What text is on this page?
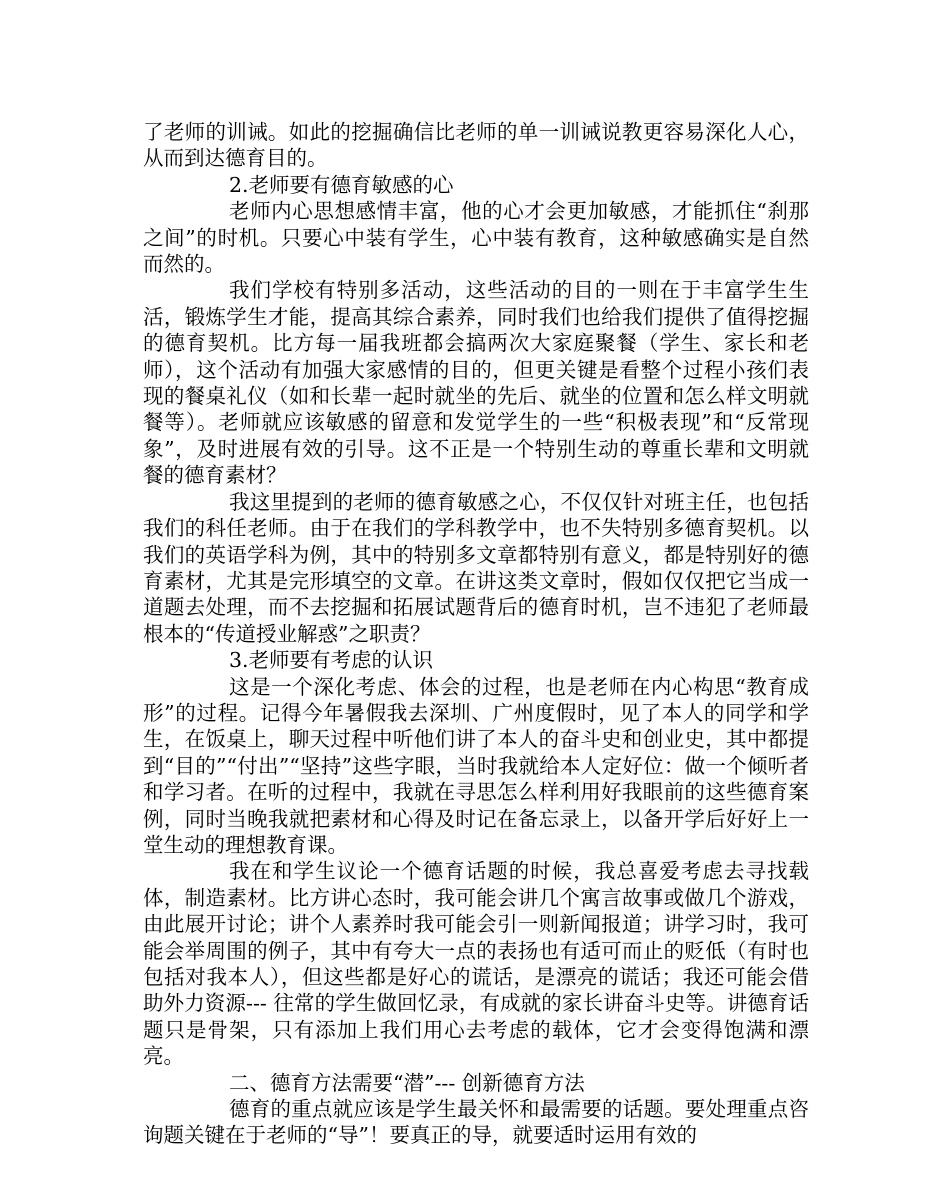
了老师的训诫。如此的挖掘确信比老师的单一训诫说教更容易深化人心，从而到达德育目的。

2.老师要有德育敏感的心

老师内心思想感情丰富，他的心才会更加敏感，才能抓住“刹那之间”的时机。只要心中装有学生，心中装有教育，这种敏感确实是自然而然的。

我们学校有特别多活动，这些活动的目的一则在于丰富学生生活，锻炼学生才能，提高其综合素养，同时我们也给我们提供了值得挖掘的德育契机。比方每一届我班都会搞两次大家庭聚餐（学生、家长和老师），这个活动有加强大家感情的目的，但更关键是看整个过程小孩们表现的餐桌礼仪（如和长辈一起时就坐的先后、就坐的位置和怎么样文明就餐等）。老师就应该敏感的留意和发觉学生的一些“积极表现”和“反常现象”，及时进展有效的引导。这不正是一个特别生动的尊重长辈和文明就餐的德育素材？

我这里提到的老师的德育敏感之心，不仅仅针对班主任，也包括我们的科任老师。由于在我们的学科教学中，也不失特别多德育契机。以我们的英语学科为例，其中的特别多文章都特别有意义，都是特别好的德育素材，尤其是完形填空的文章。在讲这类文章时，假如仅仅把它当成一道题去处理，而不去挖掘和拓展试题背后的德育时机，岂不违犯了老师最根本的“传道授业解惑”之职责？

3.老师要有考虑的认识

这是一个深化考虑、体会的过程，也是老师在内心构思“教育成形”的过程。记得今年暑假我去深圳、广州度假时，见了本人的同学和学生，在饭桌上，聊天过程中听他们讲了本人的奋斗史和创业史，其中都提到“目的”“付出”“坚持”这些字眼，当时我就给本人定好位：做一个倾听者和学习者。在听的过程中，我就在寻思怎么样利用好我眼前的这些德育案例，同时当晚我就把素材和心得及时记在备忘录上，以备开学后好好上一堂生动的理想教育课。

我在和学生议论一个德育话题的时候，我总喜爱考虑去寻找载体，制造素材。比方讲心态时，我可能会讲几个寓言故事或做几个游戏，由此展开讨论；讲个人素养时我可能会引一则新闻报道；讲学习时，我可能会举周围的例子，其中有夸大一点的表扬也有适可而止的贬低（有时也包括对我本人），但这些都是好心的谎话，是漂亮的谎话；我还可能会借助外力资源--- 往常的学生做回忆录，有成就的家长讲奋斗史等。讲德育话题只是骨架，只有添加上我们用心去考虑的载体，它才会变得饱满和漂亮。

二、德育方法需要“潜”--- 创新德育方法

德育的重点就应该是学生最关怀和最需要的话题。要处理重点咨询题关键在于老师的“导”！要真正的导，就要适时运用有效的
